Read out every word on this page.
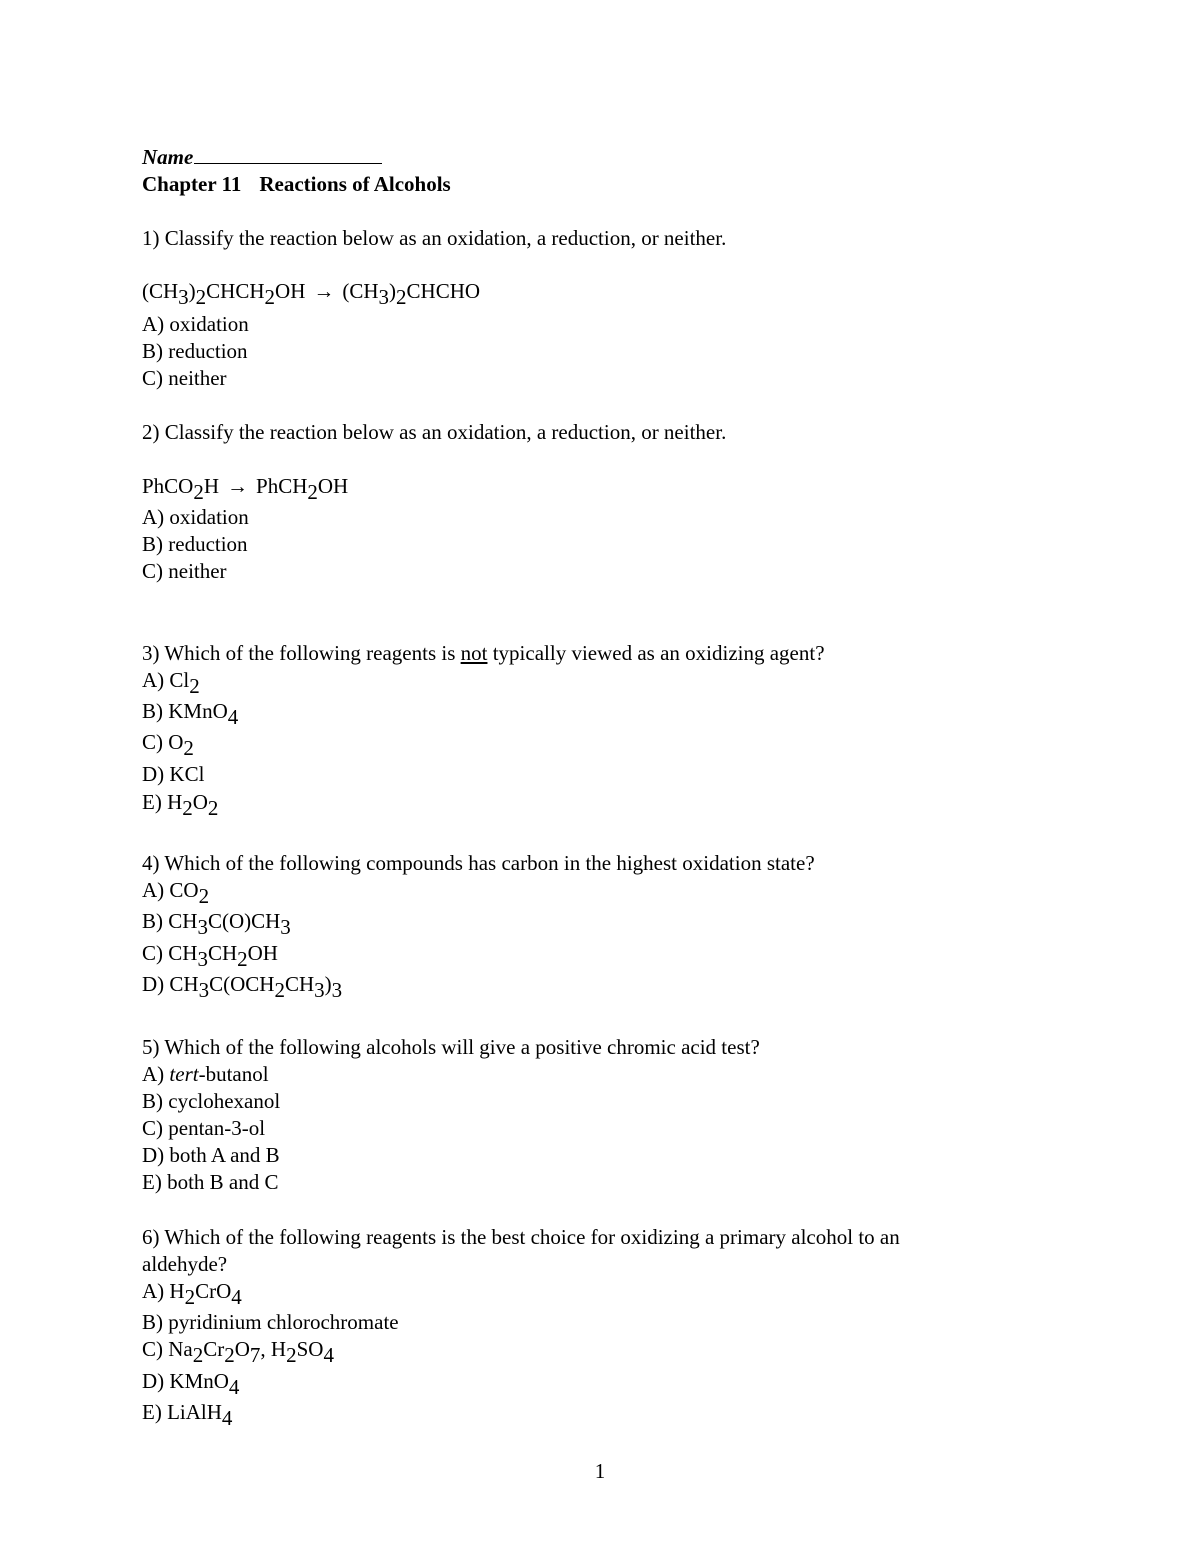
Name

Chapter 11 Reactions of Alcohols

1) Classify the reaction below as an oxidation, a reduction, or neither.

(CH3)2CHCH2OH → (CH3)2CHCHO

A) oxidation

B) reduction

C) neither

2) Classify the reaction below as an oxidation, a reduction, or neither.

PhCO2H → PhCH2OH

A) oxidation

B) reduction

C) neither

3) Which of the following reagents is not typically viewed as an oxidizing agent?

A) Cl2

B) KMnO4

C) O2

D) KCl

E) H2O2

4) Which of the following compounds has carbon in the highest oxidation state?

A) CO2

B) CH3C(O)CH3

C) CH3CH2OH

D) CH3C(OCH2CH3)3

5) Which of the following alcohols will give a positive chromic acid test?

A) tert-butanol

B) cyclohexanol

C) pentan-3-ol

D) both A and B

E) both B and C

6) Which of the following reagents is the best choice for oxidizing a primary alcohol to an

aldehyde?

A) H2CrO4

B) pyridinium chlorochromate

C) Na2Cr2O7, H2SO4

D) KMnO4

E) LiAlH4

1
